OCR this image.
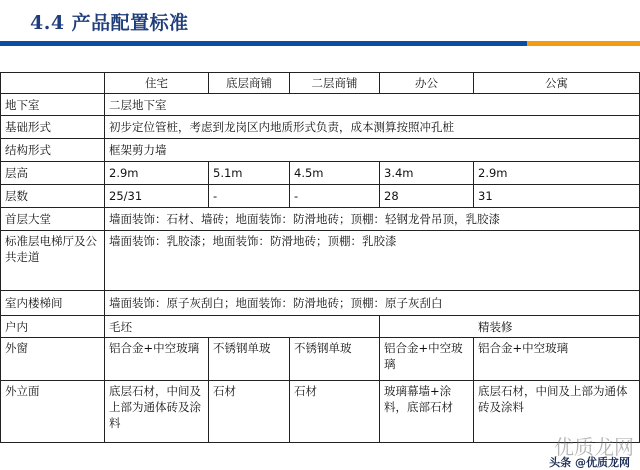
4.4 产品配置标准
	住宅	底层商铺	二层商铺	办公	公寓
地下室	二层地下室				
基础形式	初步定位管桩，考虑到龙岗区内地质形式负责，成本测算按照冲孔桩				
结构形式	框架剪力墙				
层高	2.9m	5.1m	4.5m	3.4m	2.9m
层数	25/31	-	-	28	31
首层大堂	墙面装饰：石材、墙砖；地面装饰：防滑地砖；顶棚：轻钢龙骨吊顶，乳胶漆				
标准层电梯厅及公共走道	墙面装饰：乳胶漆；地面装饰：防滑地砖；顶棚：乳胶漆				
室内楼梯间	墙面装饰：原子灰刮白；地面装饰：防滑地砖；顶棚：原子灰刮白				
户内	毛坯			精装修	
外窗	铝合金+中空玻璃	不锈钢单玻	不锈钢单玻	铝合金+中空玻璃	铝合金+中空玻璃
外立面	底层石材，中间及上部为通体砖及涂料	石材	石材	玻璃幕墙+涂料，底部石材	底层石材，中间及上部为通体砖及涂料
优质龙网
头条 @优质龙网
